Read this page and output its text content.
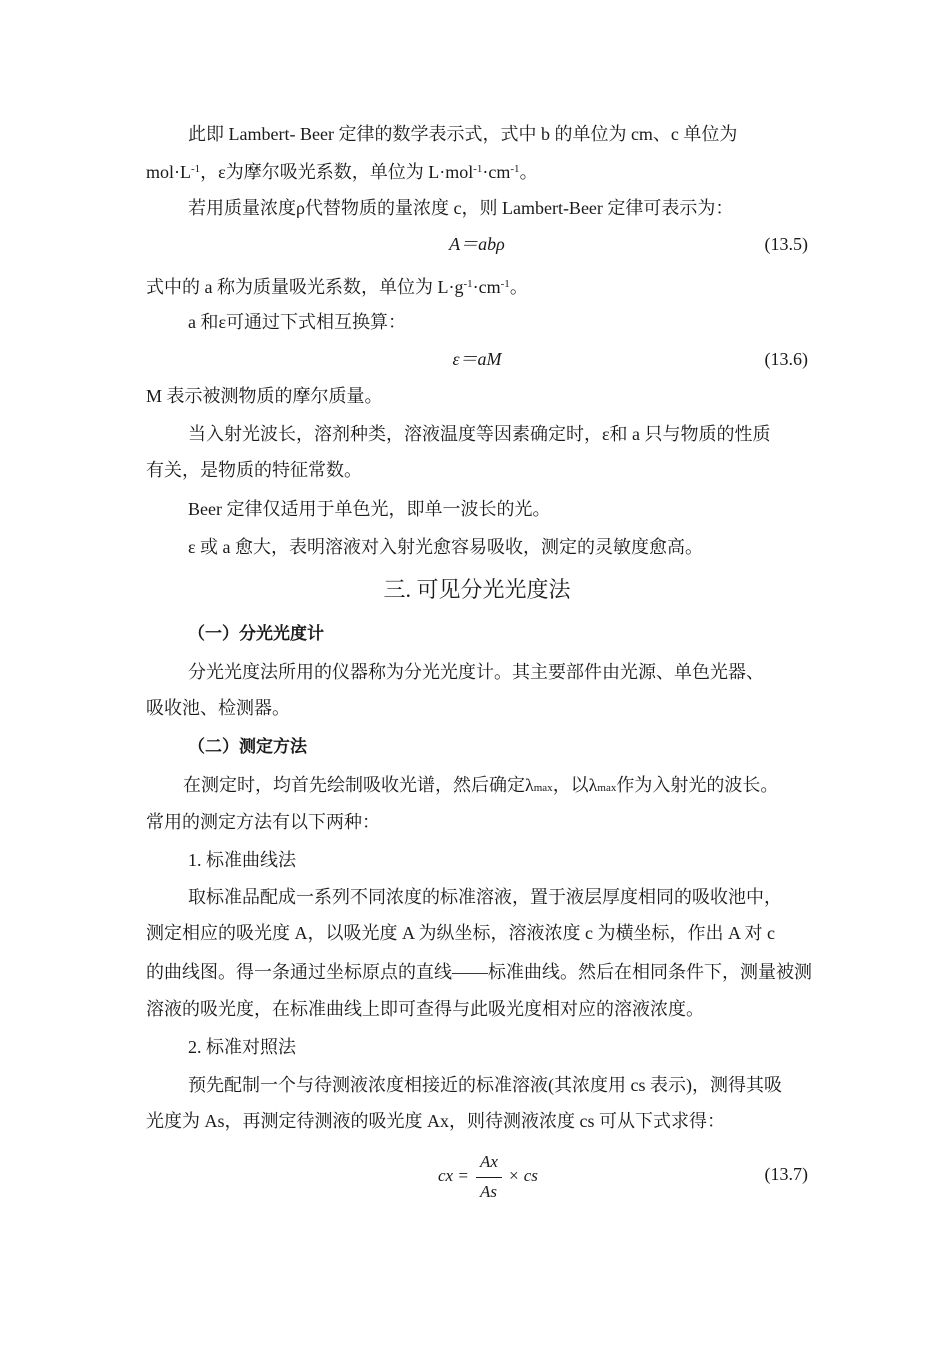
此即 Lambert- Beer 定律的数学表示式，式中 b 的单位为 cm、c 单位为
$mol\cdot L^{-1}$，ε为摩尔吸光系数，单位为 $L\cdot mol^{-1}\cdot cm^{-1}$。
若用质量浓度ρ代替物质的量浓度 c，则 Lambert-Beer 定律可表示为：
A＝abρ	(13.5)
式中的 a 称为质量吸光系数，单位为 $L\cdot g^{-1}\cdot cm^{-1}$。
a 和ε可通过下式相互换算：
ε＝aM	(13.6)
M 表示被测物质的摩尔质量。
当入射光波长，溶剂种类，溶液温度等因素确定时，ε和 a 只与物质的性质
有关，是物质的特征常数。
Beer 定律仅适用于单色光，即单一波长的光。
ε 或 a 愈大，表明溶液对入射光愈容易吸收，测定的灵敏度愈高。
三. 可见分光光度法
（一）分光光度计
分光光度法所用的仪器称为分光光度计。其主要部件由光源、单色光器、
吸收池、检测器。
（二）测定方法
在测定时，均首先绘制吸收光谱，然后确定λmax，以λmax作为入射光的波长。
常用的测定方法有以下两种：
1. 标准曲线法
取标准品配成一系列不同浓度的标准溶液，置于液层厚度相同的吸收池中，
测定相应的吸光度 A，以吸光度 A 为纵坐标，溶液浓度 c 为横坐标，作出 A 对 c
的曲线图。得一条通过坐标原点的直线——标准曲线。然后在相同条件下，测量被测
溶液的吸光度，在标准曲线上即可查得与此吸光度相对应的溶液浓度。
2. 标准对照法
预先配制一个与待测液浓度相接近的标准溶液(其浓度用 cs 表示)，测得其吸
光度为 As，再测定待测液的吸光度 Ax，则待测液浓度 cs 可从下式求得：
cx =
Ax
As
× cs	(13.7)
